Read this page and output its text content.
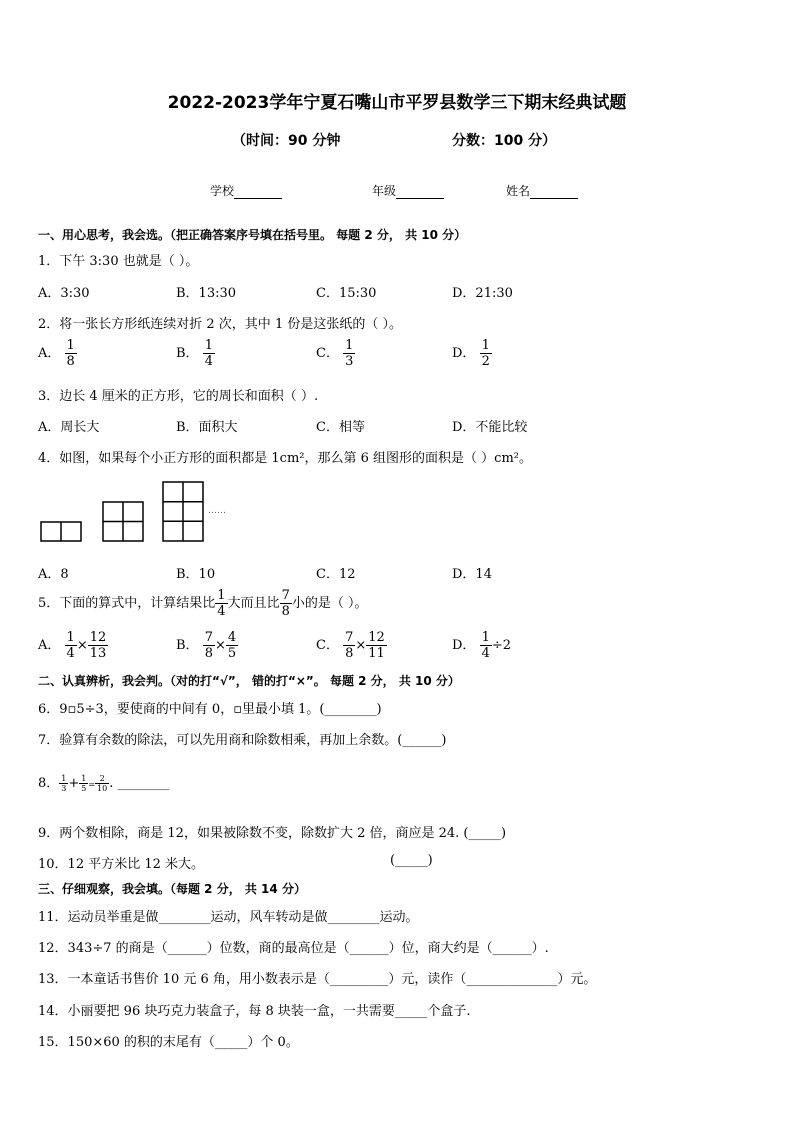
2022-2023学年宁夏石嘴山市平罗县数学三下期末经典试题
（时间：90 分钟	分数：100 分）
学校	年级	姓名
一、用心思考，我会选。（把正确答案序号填在括号里。 每题 2 分， 共 10 分）
1．下午 3:30 也就是（ ）。
A．3:30	B．13:30	C．15:30	D．21:30
2．将一张长方形纸连续对折 2 次，其中 1 份是这张纸的（ ）。
A． $\frac{1}{8}$	B． $\frac{1}{4}$	C． $\frac{1}{3}$	D． $\frac{1}{2}$
3．边长 4 厘米的正方形，它的周长和面积（ ）.
A．周长大	B．面积大	C．相等	D．不能比较
4．如图，如果每个小正方形的面积都是 1cm²，那么第 6 组图形的面积是（ ）cm²。
……
A．8	B．10	C．12	D．14
5．下面的算式中，计算结果比 $\frac{1}{4}$ 大而且比 $\frac{7}{8}$ 小的是（ ）。
A． $\frac{1}{4} \times \frac{12}{13}$	B． $\frac{7}{8} \times \frac{4}{5}$	C． $\frac{7}{8} \times \frac{12}{11}$	D． $\frac{1}{4} \div 2$
二、认真辨析，我会判。（对的打“√”， 错的打“×”。 每题 2 分， 共 10 分）
6．9▫5÷3，要使商的中间有 0，▫里最小填 1。(________)
7．验算有余数的除法，可以先用商和除数相乘，再加上余数。(______)
8． $\frac{1}{3} + \frac{1}{5} = \frac{2}{10}$ . ________
9．两个数相除，商是 12，如果被除数不变，除数扩大 2 倍，商应是 24. (_____)
10．12 平方米比 12 米大。	(_____)
三、仔细观察，我会填。（每题 2 分， 共 14 分）
11．运动员举重是做________运动，风车转动是做________运动。
12．343÷7 的商是（______）位数，商的最高位是（______）位，商大约是（______）.
13．一本童话书售价 10 元 6 角，用小数表示是（_________）元，读作（______________）元。
14．小丽要把 96 块巧克力装盒子，每 8 块装一盒，一共需要_____个盒子.
15．150×60 的积的末尾有（_____）个 0。
